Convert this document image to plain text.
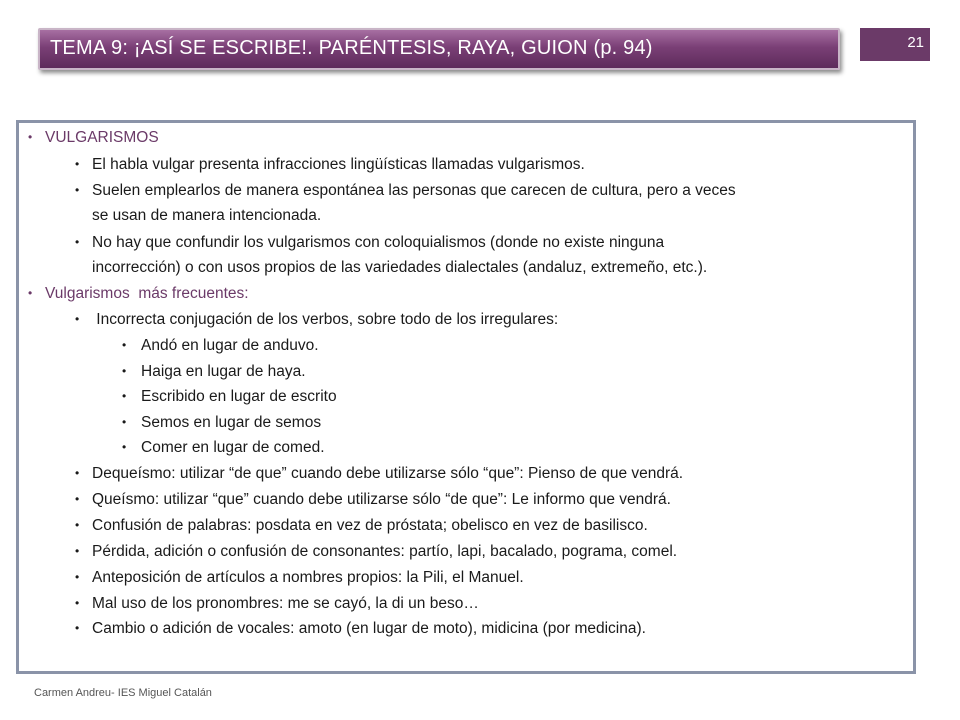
TEMA 9: ¡ASÍ SE ESCRIBE!. PARÉNTESIS, RAYA, GUION (p. 94)	21
• VULGARISMOS
• El habla vulgar presenta infracciones lingüísticas llamadas vulgarismos.
• Suelen emplearlos de manera espontánea las personas que carecen de cultura, pero a veces
se usan de manera intencionada.
• No hay que confundir los vulgarismos con coloquialismos (donde no existe ninguna
incorrección) o con usos propios de las variedades dialectales (andaluz, extremeño, etc.).
• Vulgarismos  más frecuentes:
• Incorrecta conjugación de los verbos, sobre todo de los irregulares:
• Andó en lugar de anduvo.
• Haiga en lugar de haya.
• Escribido en lugar de escrito
• Semos en lugar de semos
• Comer en lugar de comed.
• Dequeísmo: utilizar “de que” cuando debe utilizarse sólo “que”: Pienso de que vendrá.
• Queísmo: utilizar “que” cuando debe utilizarse sólo “de que”: Le informo que vendrá.
• Confusión de palabras: posdata en vez de próstata; obelisco en vez de basilisco.
• Pérdida, adición o confusión de consonantes: partío, lapi, bacalado, pograma, comel.
• Anteposición de artículos a nombres propios: la Pili, el Manuel.
• Mal uso de los pronombres: me se cayó, la di un beso…
• Cambio o adición de vocales: amoto (en lugar de moto), midicina (por medicina).
Carmen Andreu- IES Miguel Catalán
